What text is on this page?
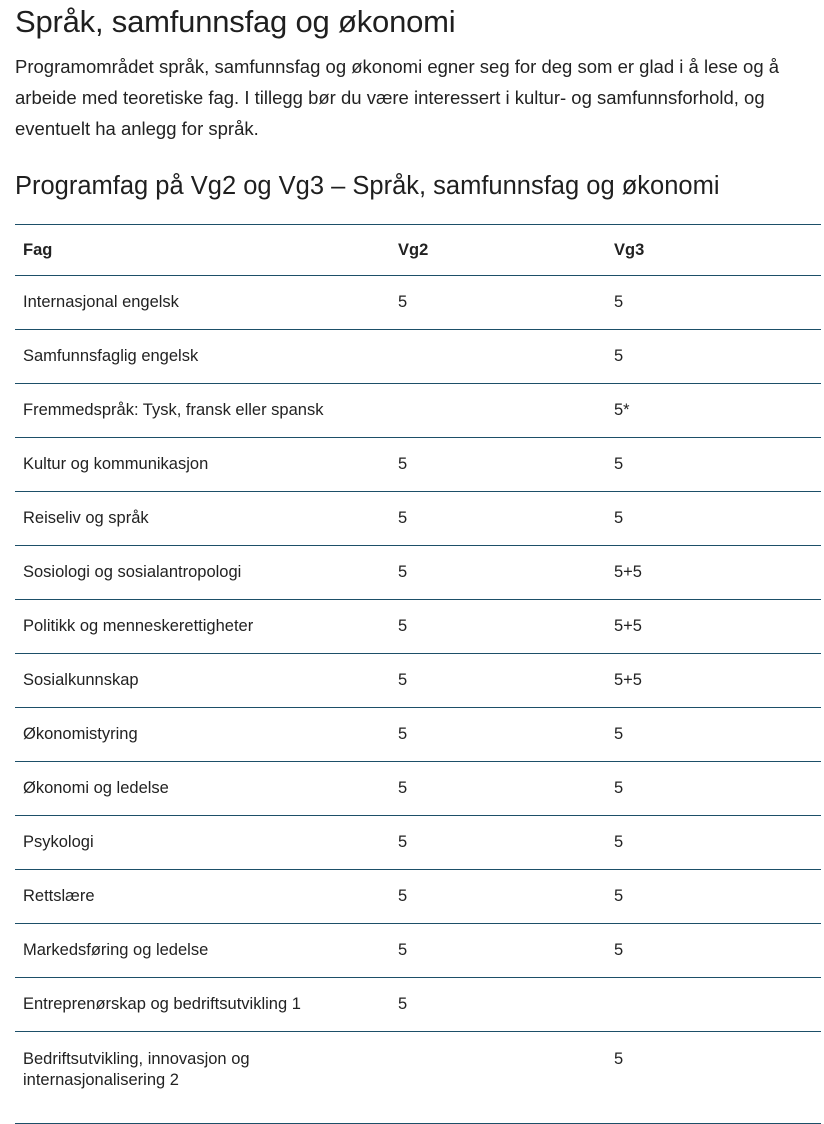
Språk, samfunnsfag og økonomi

Programområdet språk, samfunnsfag og økonomi egner seg for deg som er glad i å lese og å arbeide med teoretiske fag. I tillegg bør du være interessert i kultur- og samfunnsforhold, og eventuelt ha anlegg for språk.

Programfag på Vg2 og Vg3 – Språk, samfunnsfag og økonomi
Fag	Vg2	Vg3
Internasjonal engelsk	5	5
Samfunnsfaglig engelsk		5
Fremmedspråk: Tysk, fransk eller spansk		5*
Kultur og kommunikasjon	5	5
Reiseliv og språk	5	5
Sosiologi og sosialantropologi	5	5+5
Politikk og menneskerettigheter	5	5+5
Sosialkunnskap	5	5+5
Økonomistyring	5	5
Økonomi og ledelse	5	5
Psykologi	5	5
Rettslære	5	5
Markedsføring og ledelse	5	5
Entreprenørskap og bedriftsutvikling 1	5	
Bedriftsutvikling, innovasjon og
internasjonalisering 2		5
